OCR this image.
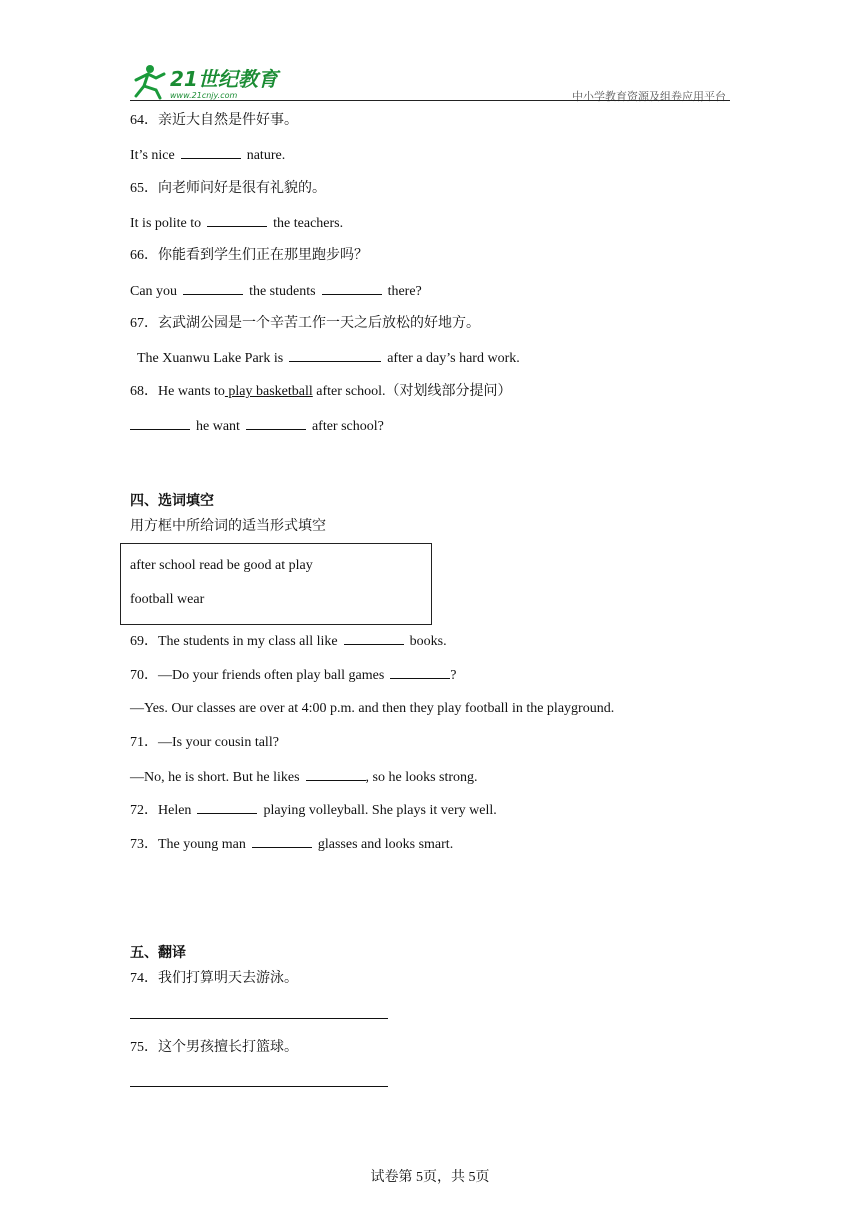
21世纪教育
www.21cnjy.com	中小学教育资源及组卷应用平台
64．亲近大自然是件好事。
It’s nice	nature.
65．向老师问好是很有礼貌的。
It is polite to	the teachers.
66．你能看到学生们正在那里跑步吗？
Can you	the students	there?
67．玄武湖公园是一个辛苦工作一天之后放松的好地方。
The Xuanwu Lake Park is	after a day’s hard work.
68．He wants to play basketball after school.（对划线部分提问）
he want	after school?
四、选词填空
用方框中所给词的适当形式填空
after school read be good at play
football wear
69．The students in my class all like	books.
70．—Do your friends often play ball games	?
—Yes. Our classes are over at 4:00 p.m. and then they play football in the playground.
71．—Is your cousin tall?
—No, he is short. But he likes	, so he looks strong.
72．Helen	playing volleyball. She plays it very well.
73．The young man	glasses and looks smart.
五、翻译
74．我们打算明天去游泳。
75．这个男孩擅长打篮球。
试卷第 5页，共 5页
